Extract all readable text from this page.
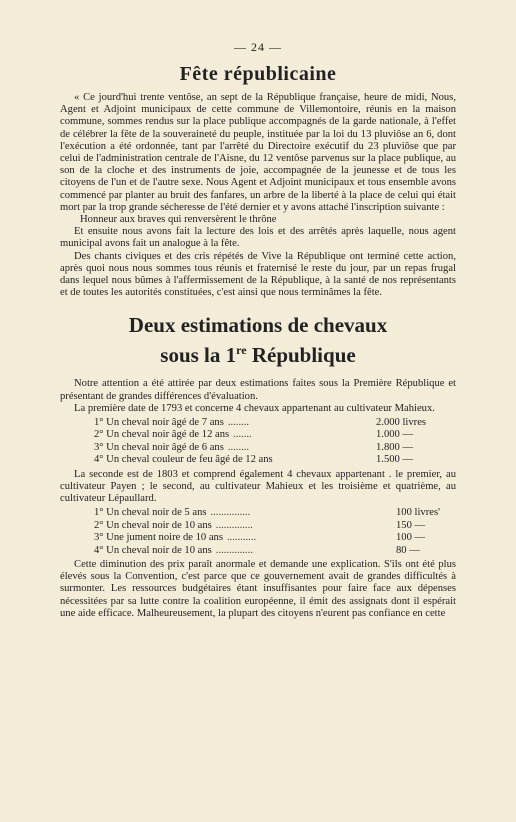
— 24 —
Fête républicaine

« Ce jourd'hui trente ventôse, an sept de la République française, heure de midi, Nous, Agent et Adjoint municipaux de cette commune de Villemontoire, réunis en la maison commune, sommes rendus sur la place publique accompagnés de la garde nationale, à l'effet de célébrer la fête de la souveraineté du peuple, instituée par la loi du 13 pluviôse an 6, dont l'exécution a été ordonnée, tant par l'arrêté du Directoire exécutif du 23 pluviôse que par celui de l'administration centrale de l'Aisne, du 12 ventôse parvenus sur la place publique, au son de la cloche et des instruments de joie, accompagnée de la jeunesse et de tous les citoyens de l'un et de l'autre sexe. Nous Agent et Adjoint municipaux et tous ensemble avons commencé par planter au bruit des fanfares, un arbre de la liberté à la place de celui qui était mort par la trop grande sécheresse de l'été dernier et y avons attaché l'inscription suivante :

Honneur aux braves qui renversèrent le thrône

Et ensuite nous avons fait la lecture des lois et des arrêtés après laquelle, nous agent municipal avons fait un analogue à la fête.

Des chants civiques et des cris répétés de Vive la République ont terminé cette action, après quoi nous nous sommes tous réunis et fraternisé le reste du jour, par un repas frugal dans lequel nous bûmes à l'affermissement de la République, à la santé de nos représentants et de toutes les autorités constituées, c'est ainsi que nous terminâmes la fête.

Deux estimations de chevaux
sous la 1re République

Notre attention a été attirée par deux estimations faites sous la Première République et présentant de grandes différences d'évaluation.

La première date de 1793 et concerne 4 chevaux appartenant au cultivateur Mahieux.

1° Un cheval noir âgé de 7 ans ........	2.000 livres
2° Un cheval noir âgé de 12 ans .......	1.000 —
3° Un cheval noir âgé de 6 ans ........	1.800 —
4° Un cheval couleur de feu âgé de 12 ans	1.500 —

La seconde est de 1803 et comprend également 4 chevaux appartenant . le premier, au cultivateur Payen ; le second, au cultivateur Mahieux et les troisième et quatrième, au cultivateur Lépaullard.

1° Un cheval noir de 5 ans ...............	100 livres'
2° Un cheval noir de 10 ans ..............	150 —
3° Une jument noire de 10 ans ...........	100 —
4° Un cheval noir de 10 ans ..............	80 —

Cette diminution des prix paraît anormale et demande une explication. S'ils ont été plus élevés sous la Convention, c'est parce que ce gouvernement avait de grandes difficultés à surmonter. Les ressources budgétaires étant insuffisantes pour faire face aux dépenses nécessitées par sa lutte contre la coalition européenne, il émit des assignats dont il espérait une aide efficace. Malheureusement, la plupart des citoyens n'eurent pas confiance en cette
